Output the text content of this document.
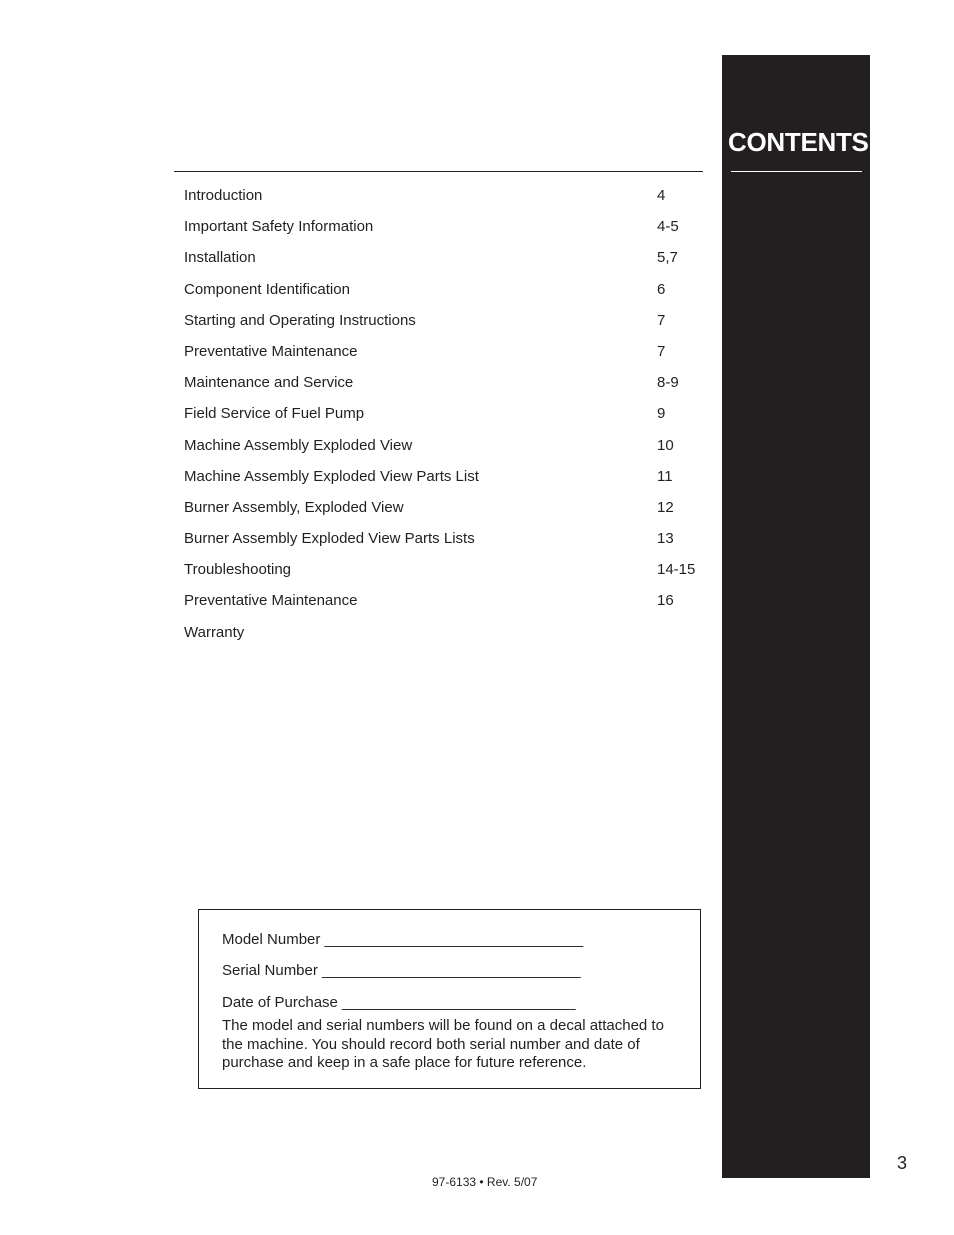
CONTENTS
Introduction	4
Important Safety Information	4-5
Installation	5,7
Component Identification	6
Starting and Operating Instructions	7
Preventative Maintenance	7
Maintenance and Service	8-9
Field Service of Fuel Pump	9
Machine Assembly Exploded View	10
Machine Assembly Exploded View Parts List	11
Burner Assembly, Exploded View	12
Burner Assembly Exploded View Parts Lists	13
Troubleshooting	14-15
Preventative Maintenance	16
Warranty
Model Number _______________________________
Serial Number _______________________________
Date of Purchase ____________________________
The model and serial numbers will be found on a decal attached to the machine. You should record both serial number and date of purchase and keep in a safe place for future reference.
3
97-6133 • Rev. 5/07
